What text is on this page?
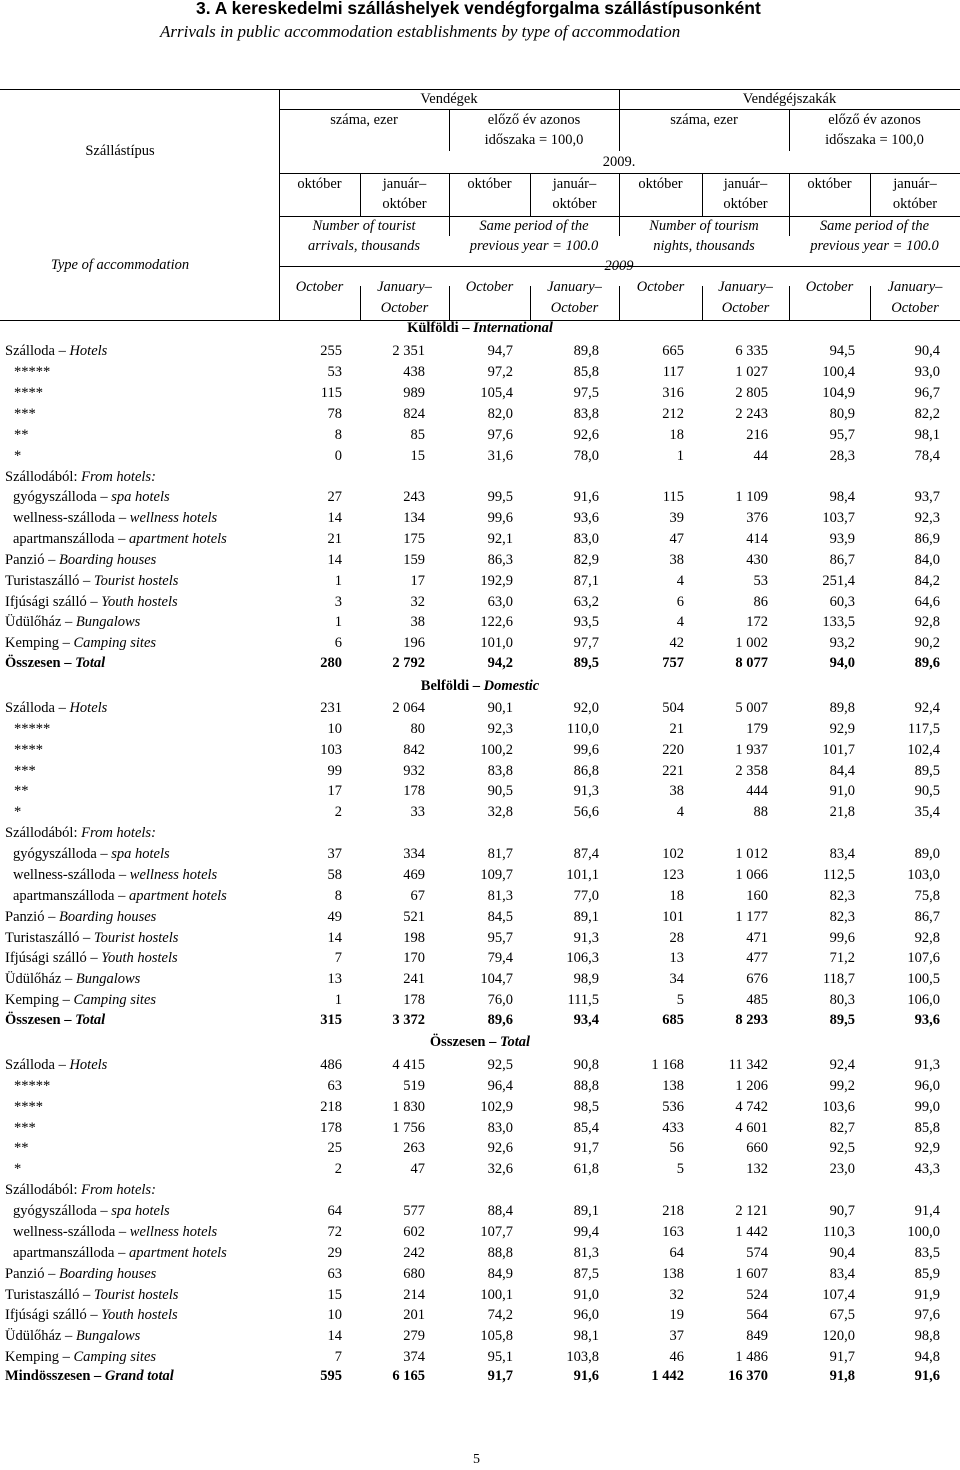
3. A kereskedelmi szálláshelyek vendégforgalma szállástípusonként
Arrivals in public accommodation establishments by type of accommodation
Szállástípus
Type of accommodation
Vendégek	Vendégéjszakák
száma, ezer	előző év azonos
időszaka = 100,0
száma, ezer	előző év azonos
időszaka = 100,0
2009.
október	január–
október
október	január–
október
október	január–
október
október	január–
október
Number of tourist
arrivals, thousands
Same period of the
previous year = 100.0
Number of tourism
nights, thousands
Same period of the
previous year = 100.0
2009
October	January–
October
October	January–
October
October	January–
October
October	January–
October
Külföldi – International
Szálloda – Hotels	255	2 351	94,7	89,8	665	6 335	94,5	90,4
*****	53	438	97,2	85,8	117	1 027	100,4	93,0
****	115	989	105,4	97,5	316	2 805	104,9	96,7
***	78	824	82,0	83,8	212	2 243	80,9	82,2
**	8	85	97,6	92,6	18	216	95,7	98,1
*	0	15	31,6	78,0	1	44	28,3	78,4
Szállodából: From hotels:
gyógyszálloda – spa hotels	27	243	99,5	91,6	115	1 109	98,4	93,7
wellness-szálloda – wellness hotels	14	134	99,6	93,6	39	376	103,7	92,3
apartmanszálloda – apartment hotels	21	175	92,1	83,0	47	414	93,9	86,9
Panzió – Boarding houses	14	159	86,3	82,9	38	430	86,7	84,0
Turistaszálló – Tourist hostels	1	17	192,9	87,1	4	53	251,4	84,2
Ifjúsági szálló – Youth hostels	3	32	63,0	63,2	6	86	60,3	64,6
Üdülőház – Bungalows	1	38	122,6	93,5	4	172	133,5	92,8
Kemping – Camping sites	6	196	101,0	97,7	42	1 002	93,2	90,2
Összesen – Total	280	2 792	94,2	89,5	757	8 077	94,0	89,6
Belföldi – Domestic
Szálloda – Hotels	231	2 064	90,1	92,0	504	5 007	89,8	92,4
*****	10	80	92,3	110,0	21	179	92,9	117,5
****	103	842	100,2	99,6	220	1 937	101,7	102,4
***	99	932	83,8	86,8	221	2 358	84,4	89,5
**	17	178	90,5	91,3	38	444	91,0	90,5
*	2	33	32,8	56,6	4	88	21,8	35,4
Szállodából: From hotels:
gyógyszálloda – spa hotels	37	334	81,7	87,4	102	1 012	83,4	89,0
wellness-szálloda – wellness hotels	58	469	109,7	101,1	123	1 066	112,5	103,0
apartmanszálloda – apartment hotels	8	67	81,3	77,0	18	160	82,3	75,8
Panzió – Boarding houses	49	521	84,5	89,1	101	1 177	82,3	86,7
Turistaszálló – Tourist hostels	14	198	95,7	91,3	28	471	99,6	92,8
Ifjúsági szálló – Youth hostels	7	170	79,4	106,3	13	477	71,2	107,6
Üdülőház – Bungalows	13	241	104,7	98,9	34	676	118,7	100,5
Kemping – Camping sites	1	178	76,0	111,5	5	485	80,3	106,0
Összesen – Total	315	3 372	89,6	93,4	685	8 293	89,5	93,6
Összesen – Total
Szálloda – Hotels	486	4 415	92,5	90,8	1 168	11 342	92,4	91,3
*****	63	519	96,4	88,8	138	1 206	99,2	96,0
****	218	1 830	102,9	98,5	536	4 742	103,6	99,0
***	178	1 756	83,0	85,4	433	4 601	82,7	85,8
**	25	263	92,6	91,7	56	660	92,5	92,9
*	2	47	32,6	61,8	5	132	23,0	43,3
Szállodából: From hotels:
gyógyszálloda – spa hotels	64	577	88,4	89,1	218	2 121	90,7	91,4
wellness-szálloda – wellness hotels	72	602	107,7	99,4	163	1 442	110,3	100,0
apartmanszálloda – apartment hotels	29	242	88,8	81,3	64	574	90,4	83,5
Panzió – Boarding houses	63	680	84,9	87,5	138	1 607	83,4	85,9
Turistaszálló – Tourist hostels	15	214	100,1	91,0	32	524	107,4	91,9
Ifjúsági szálló – Youth hostels	10	201	74,2	96,0	19	564	67,5	97,6
Üdülőház – Bungalows	14	279	105,8	98,1	37	849	120,0	98,8
Kemping – Camping sites	7	374	95,1	103,8	46	1 486	91,7	94,8
Mindösszesen – Grand total	595	6 165	91,7	91,6	1 442	16 370	91,8	91,6
5
